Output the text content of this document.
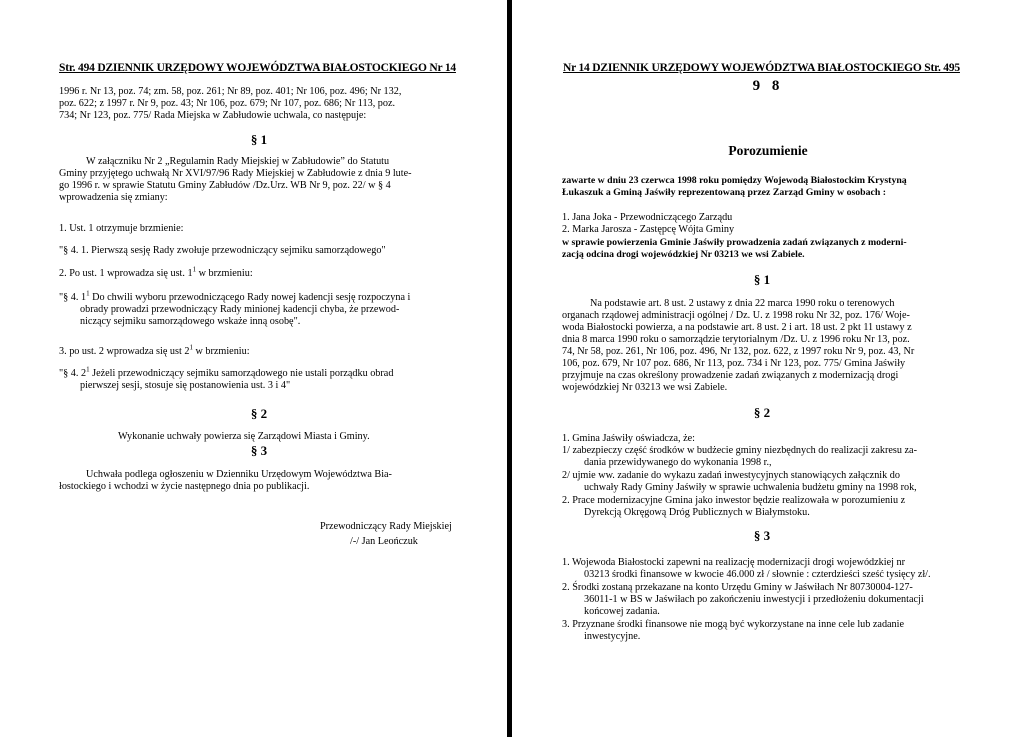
Str. 494 DZIENNIK URZĘDOWY WOJEWÓDZTWA BIAŁOSTOCKIEGO Nr 14
1996 r. Nr 13, poz. 74; zm. 58, poz. 261; Nr 89, poz. 401; Nr 106, poz. 496; Nr 132,
poz. 622; z 1997 r. Nr 9, poz. 43; Nr 106, poz. 679; Nr 107, poz. 686; Nr 113, poz.
734; Nr 123, poz. 775/ Rada Miejska w Zabłudowie uchwala, co następuje:
§ 1
W załączniku Nr 2 „Regulamin Rady Miejskiej w Zabłudowie” do Statutu
Gminy przyjętego uchwałą Nr XVI/97/96 Rady Miejskiej w Zabłudowie z dnia 9 lute-
go 1996 r. w sprawie Statutu Gminy Zabłudów /Dz.Urz. WB Nr 9, poz. 22/ w § 4
wprowadzenia się zmiany:
1. Ust. 1 otrzymuje brzmienie:
"§ 4. 1. Pierwszą sesję Rady zwołuje przewodniczący sejmiku samorządowego"
2. Po ust. 1 wprowadza się ust. $1^1$ w brzmieniu:
"§ 4. $1^1$ Do chwili wyboru przewodniczącego Rady nowej kadencji sesję rozpoczyna i
obrady prowadzi przewodniczący Rady minionej kadencji chyba, że przewod-
niczący sejmiku samorządowego wskaże inną osobę".
3. po ust. 2 wprowadza się ust $2^1$ w brzmieniu:
"§ 4. $2^1$ Jeżeli przewodniczący sejmiku samorządowego nie ustali porządku obrad
pierwszej sesji, stosuje się postanowienia ust. 3 i 4"
§ 2
Wykonanie uchwały powierza się Zarządowi Miasta i Gminy.
§ 3
Uchwała podlega ogłoszeniu w Dzienniku Urzędowym Województwa Bia-
łostockiego i wchodzi w życie następnego dnia po publikacji.
Przewodniczący Rady Miejskiej
/-/ Jan Leończuk
Nr 14 DZIENNIK URZĘDOWY WOJEWÓDZTWA BIAŁOSTOCKIEGO Str. 495
9 8
Porozumienie
zawarte w dniu 23 czerwca 1998 roku pomiędzy Wojewodą Białostockim Krystyną
Łukaszuk a Gminą Jaświły reprezentowaną przez Zarząd Gminy w osobach :
1. Jana Joka - Przewodniczącego Zarządu
2. Marka Jarosza - Zastępcę Wójta Gminy
w sprawie powierzenia Gminie Jaświły prowadzenia zadań związanych z moderni-
zacją odcina drogi wojewódzkiej Nr 03213 we wsi Zabiele.
§ 1
Na podstawie art. 8 ust. 2 ustawy z dnia 22 marca 1990 roku o terenowych
organach rządowej administracji ogólnej / Dz. U. z 1998 roku Nr 32, poz. 176/ Woje-
woda Białostocki powierza, a na podstawie art. 8 ust. 2 i art. 18 ust. 2 pkt 11 ustawy z
dnia 8 marca 1990 roku o samorządzie terytorialnym /Dz. U. z 1996 roku Nr 13, poz.
74, Nr 58, poz. 261, Nr 106, poz. 496, Nr 132, poz. 622, z 1997 roku Nr 9, poz. 43, Nr
106, poz. 679, Nr 107 poz. 686, Nr 113, poz. 734 i Nr 123, poz. 775/ Gmina Jaświły
przyjmuje na czas określony prowadzenie zadań związanych z modernizacją drogi
wojewódzkiej Nr 03213 we wsi Zabiele.
§ 2
1. Gmina Jaświły oświadcza, że:
1/ zabezpieczy część środków w budżecie gminy niezbędnych do realizacji zakresu za-
dania przewidywanego do wykonania 1998 r.,
2/ ujmie ww. zadanie do wykazu zadań inwestycyjnych stanowiących załącznik do
uchwały Rady Gminy Jaświły w sprawie uchwalenia budżetu gminy na 1998 rok,
2. Prace modernizacyjne Gmina jako inwestor będzie realizowała w porozumieniu z
Dyrekcją Okręgową Dróg Publicznych w Białymstoku.
§ 3
1. Wojewoda Białostocki zapewni na realizację modernizacji drogi wojewódzkiej nr
03213 środki finansowe w kwocie 46.000 zł / słownie : czterdzieści sześć tysięcy zł/.
2. Środki zostaną przekazane na konto Urzędu Gminy w Jaświłach Nr 80730004-127-
36011-1 w BS w Jaświłach po zakończeniu inwestycji i przedłożeniu dokumentacji
końcowej zadania.
3. Przyznane środki finansowe nie mogą być wykorzystane na inne cele lub zadanie
inwestycyjne.
